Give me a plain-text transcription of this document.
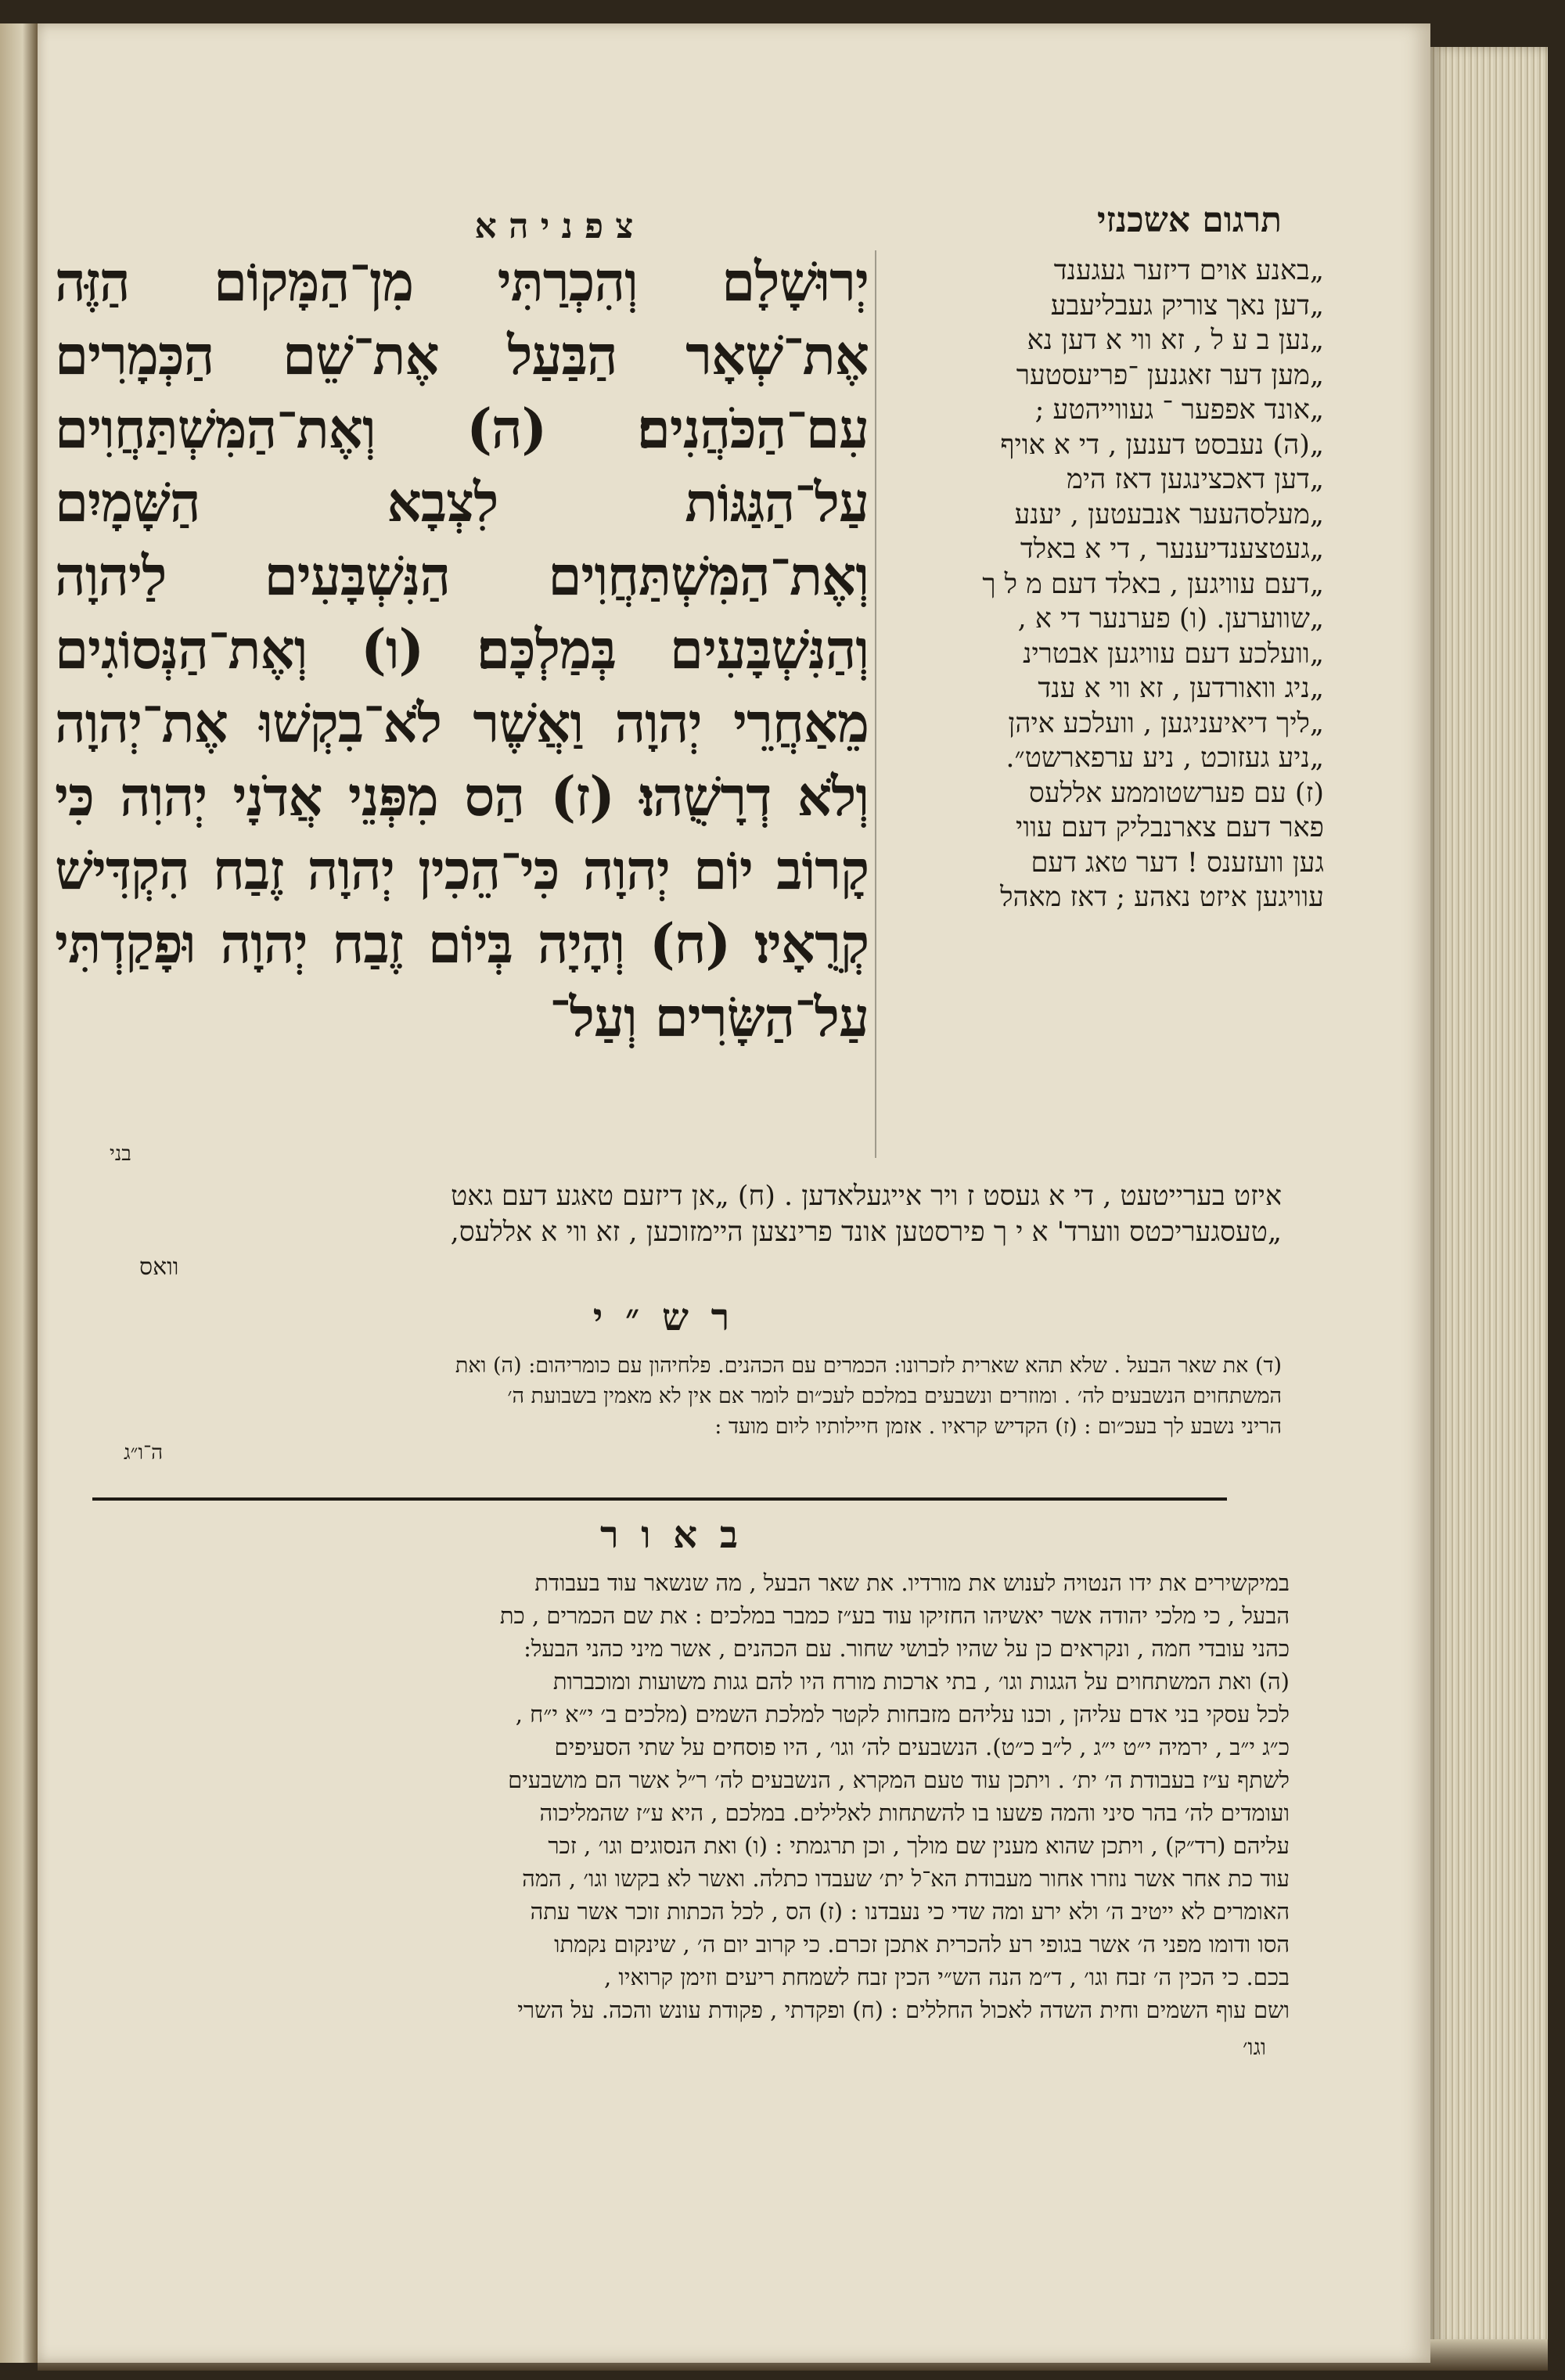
תרגום אשכנזי
צ פ נ י ה א
יְרוּשָׁלָם וְהִכְרַתִּי מִן־הַמָּקוֹם הַזֶּה אֶת־שְׁאָר הַבַּעַל אֶת־שֵׁם הַכְּמָרִים עִם־הַכֹּהֲנִים׃ (ה) וְאֶת־הַמִּשְׁתַּחֲוִים עַל־הַגַּגּוֹת לִצְבָא הַשָּׁמָיִם וְאֶת־הַמִּשְׁתַּחֲוִים הַנִּשְׁבָּעִים לַיהוָה וְהַנִּשְׁבָּעִים בְּמַלְכָּם׃ (ו) וְאֶת־הַנְּסוֹגִים מֵאַחֲרֵי יְהוָה וַאֲשֶׁר לֹא־בִקְשׁוּ אֶת־יְהוָה וְלֹא דְרָשֻׁהוּ׃ (ז) הַס מִפְּנֵי אֲדֹנָי יְהוִה כִּי קָרוֹב יוֹם יְהוָה כִּי־הֵכִין יְהוָה זֶבַח הִקְדִּישׁ קְרֻאָיו׃ (ח) וְהָיָה בְּיוֹם זֶבַח יְהוָה וּפָקַדְתִּי עַל־הַשָּׂרִים וְעַל־
בני
„באנע אוים דיזער געגענד
„דען נאך צוריק געבליעבע
„נען ב ע ל , זא ווי א דען נא
„מען דער זאגנען ־פריעסטער
„אונד אפפער ־ געווייהטע ;
„(ה) נעבסט דענען , די א אויף
„דען דאכצינגען דאז הימ
„מעלסהעער אנבעטען , יענע
„געטצענדיענער , די א באלד
„דעם עוויגען , באלד דעם מ ל ך
„שווערען. (ו) פערנער די א ,
„וועלכע דעם עוויגען אבטרינ
„ניג וואורדען , זא ווי א ענד
„ליך דיאיעניגען , וועלכע איהן
„ניע געזוכט , ניע ערפארשט״.
(ז) עם פערשטוממע אללעס
פאר דעם צארנבליק דעם עווי
גען וועזענס ! דער טאג דעם
עוויגען איזט נאהע ; דאז מאהל
איזט בערייטעט , די א געסט ז ויר אייגעלאדען . (ח) „אן דיזעם טאגע דעם גאט
„טעסגעריכטס ווערד' א י ך פירסטען אונד פרינצען היימזוכען , זא ווי א אללעס,
וואס
ר ש ״ י
(ד) את שאר הבעל . שלא תהא שארית לזכרונו: הכמרים עם הכהנים. פלחיהון עם כומריהום: (ה) ואת
המשתחוים הנשבעים לה׳ . ומוזרים ונשבעים במלכם לעכ״ום לומר אם אין לא מאמין בשבועת ה׳
הריני נשבע לך בעכ״ום : (ז) הקדיש קראיו . אזמן חיילותיו ליום מועד :
ה־ו״ג
ב א ו ר
במיקשירים את ידו הנטויה לענוש את מורדיו. את שאר הבעל , מה שנשאר עוד בעבודת
הבעל , כי מלכי יהודה אשר יאשיהו החזיקו עוד בע״ז כמבר במלכים : את שם הכמרים , כת
כהני עובדי חמה , ונקראים כן על שהיו לבושי שחור. עם הכהנים , אשר מיני כהני הבעל:
(ה) ואת המשתחוים על הגגות וגו׳ , בתי ארכות מורח היו להם גגות משועות ומוכברות
לכל עסקי בני אדם עליהן , וכנו עליהם מזבחות לקטר למלכת השמים (מלכים ב׳ י״א י״ח ,
כ״ג י״ב , ירמיה י״ט י״ג , ל״ב כ״ט). הנשבעים לה׳ וגו׳ , היו פוסחים על שתי הסעיפים
לשתף ע״ז בעבודת ה׳ ית׳ . ויתכן עוד טעם המקרא , הנשבעים לה׳ ר״ל אשר הם מושבעים
ועומדים לה׳ בהר סיני והמה פשעו בו להשתחות לאלילים. במלכם , היא ע״ז שהמליכוה
עליהם (רד״ק) , ויתכן שהוא מענין שם מולך , וכן תרגמתי : (ו) ואת הנסוגים וגו׳ , זכר
עוד כת אחר אשר נוזרו אחור מעבודת הא־ל ית׳ שעבדו כתלה. ואשר לא בקשו וגו׳ , המה
האומרים לא ייטיב ה׳ ולא ירע ומה שדי כי נעבדנו : (ז) הס , לכל הכתות זוכר אשר עתה
הסו ודומו מפני ה׳ אשר בגופי רע להכרית אתכן זכרם. כי קרוב יום ה׳ , שינקום נקמתו
בכם. כי הכין ה׳ זבח וגו׳ , ד״מ הנה הש״י הכין זבח לשמחת ריעים וזימן קרואיו ,
ושם עוף השמים וחית השדה לאכול החללים : (ח) ופקדתי , פקודת עונש והכה. על השרי
וגו׳
